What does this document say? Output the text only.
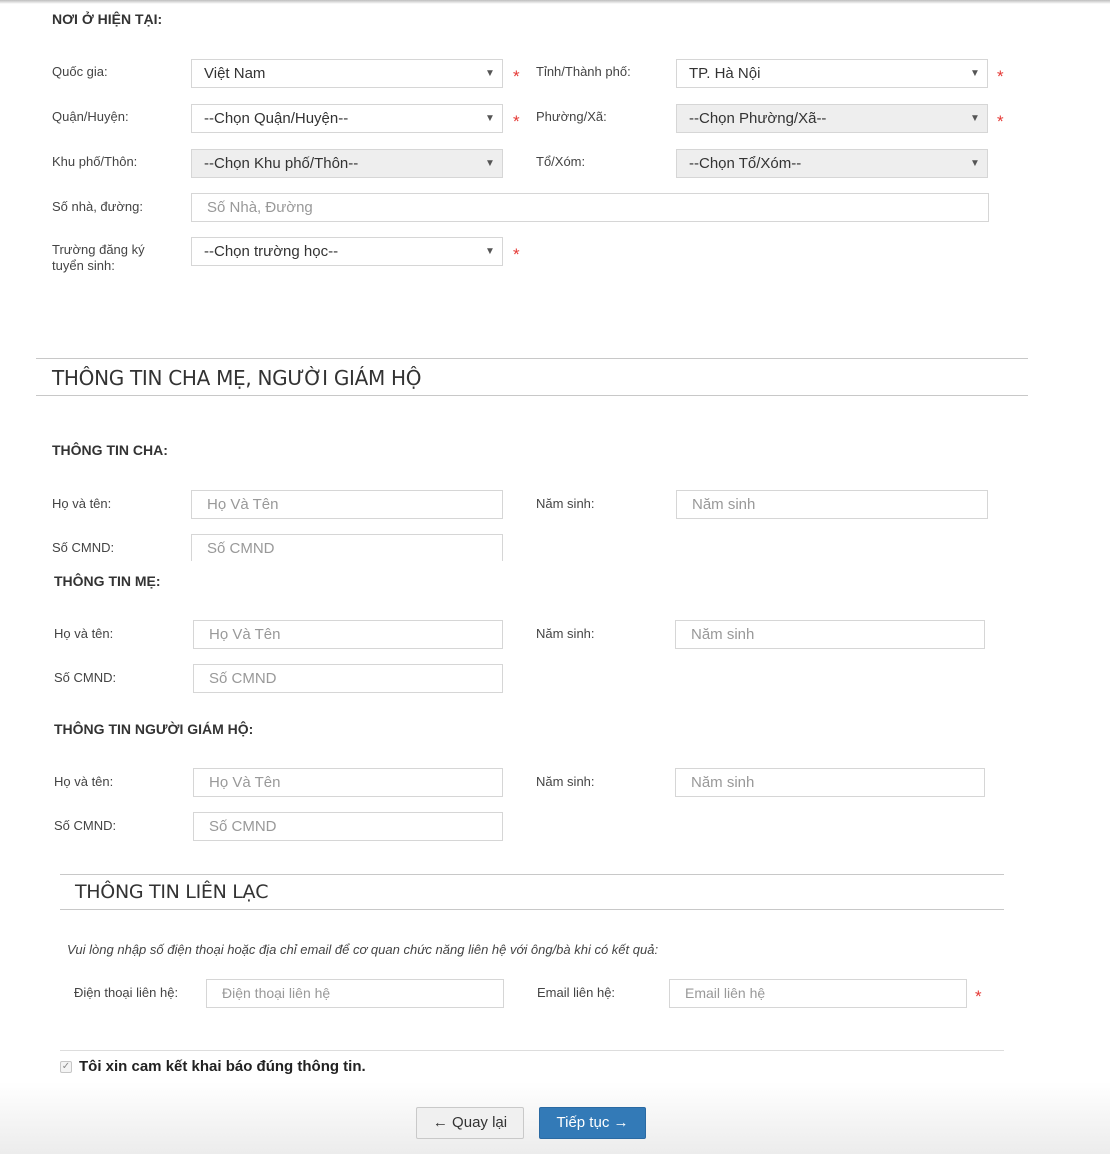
NƠI Ở HIỆN TẠI:
Quốc gia:	Việt Nam	▼ * Tỉnh/Thành phố:	TP. Hà Nội	▼ *
Quận/Huyện:	--Chọn Quận/Huyện--	▼ * Phường/Xã:	--Chọn Phường/Xã--	▼ *
Khu phố/Thôn:	--Chọn Khu phố/Thôn--	▼	Tổ/Xóm:	--Chọn Tổ/Xóm--	▼
Số nhà, đường:	Số Nhà, Đường
Trường đăng ký
tuyển sinh:
--Chọn trường học--	▼ *
THÔNG TIN CHA MẸ, NGƯỜI GIÁM HỘ
THÔNG TIN CHA:
Họ và tên:	Họ Và Tên	Năm sinh:	Năm sinh
Số CMND:	Số CMND
THÔNG TIN MẸ:
Họ và tên:	Họ Và Tên	Năm sinh:	Năm sinh
Số CMND:	Số CMND
THÔNG TIN NGƯỜI GIÁM HỘ:
Họ và tên:	Họ Và Tên	Năm sinh:	Năm sinh
Số CMND:	Số CMND
THÔNG TIN LIÊN LẠC
Vui lòng nhập số điện thoại hoặc địa chỉ email để cơ quan chức năng liên hệ với ông/bà khi có kết quả:
Điện thoại liên hệ:	Điện thoại liên hệ	Email liên hệ:	Email liên hệ	*
✓ Tôi xin cam kết khai báo đúng thông tin.
← Quay lại	Tiếp tục →
